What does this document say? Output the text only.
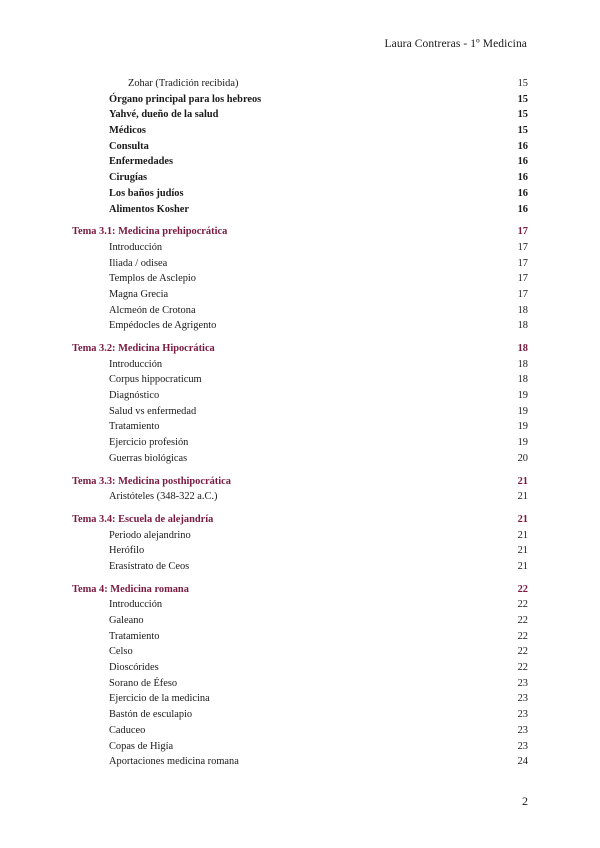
Laura Contreras - 1º Medicina
Zohar (Tradición recibida)	15
Órgano principal para los hebreos	15
Yahvé, dueño de la salud	15
Médicos	15
Consulta	16
Enfermedades	16
Cirugías	16
Los baños judíos	16
Alimentos Kosher	16
Tema 3.1: Medicina prehipocrática	17
Introducción	17
Iliada / odisea	17
Templos de Asclepio	17
Magna Grecia	17
Alcmeón de Crotona	18
Empédocles de Agrigento	18
Tema 3.2: Medicina Hipocrática	18
Introducción	18
Corpus hippocraticum	18
Diagnóstico	19
Salud vs enfermedad	19
Tratamiento	19
Ejercicio profesión	19
Guerras biológicas	20
Tema 3.3: Medicina posthipocrática	21
Aristóteles (348-322 a.C.)	21
Tema 3.4: Escuela de alejandría	21
Periodo alejandrino	21
Herófilo	21
Erasístrato de Ceos	21
Tema 4: Medicina romana	22
Introducción	22
Galeano	22
Tratamiento	22
Celso	22
Dioscórides	22
Sorano de Éfeso	23
Ejercicio de la medicina	23
Bastón de esculapio	23
Caduceo	23
Copas de Higía	23
Aportaciones medicina romana	24
2
